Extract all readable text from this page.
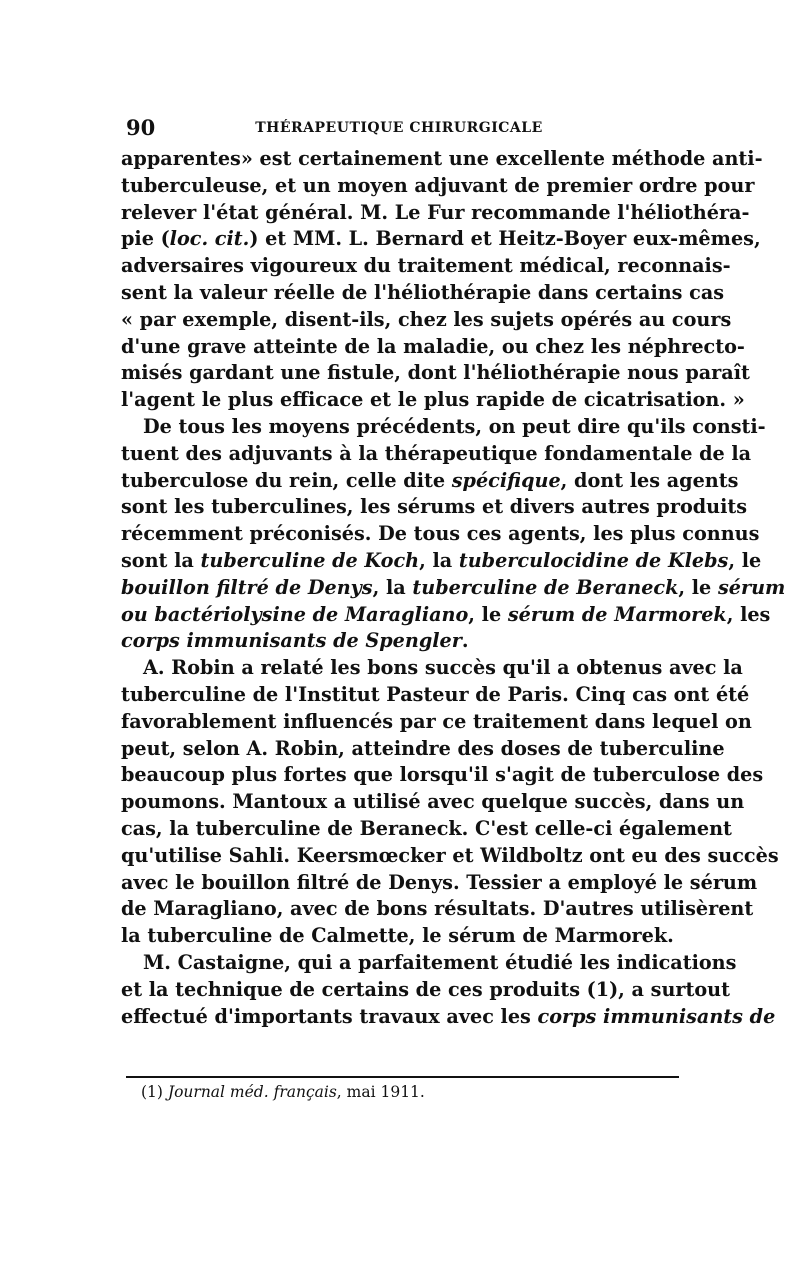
90	THÉRAPEUTIQUE CHIRURGICALE
apparentes» est certainement une excellente méthode anti-
tuberculeuse, et un moyen adjuvant de premier ordre pour
relever l'état général. M. Le Fur recommande l'héliothéra-
pie (loc. cit.) et MM. L. Bernard et Heitz-Boyer eux-mêmes,
adversaires vigoureux du traitement médical, reconnais-
sent la valeur réelle de l'héliothérapie dans certains cas
« par exemple, disent-ils, chez les sujets opérés au cours
d'une grave atteinte de la maladie, ou chez les néphrecto-
misés gardant une fistule, dont l'héliothérapie nous paraît
l'agent le plus efficace et le plus rapide de cicatrisation. »
De tous les moyens précédents, on peut dire qu'ils consti-
tuent des adjuvants à la thérapeutique fondamentale de la
tuberculose du rein, celle dite spécifique, dont les agents
sont les tuberculines, les sérums et divers autres produits
récemment préconisés. De tous ces agents, les plus connus
sont la tuberculine de Koch, la tuberculocidine de Klebs, le
bouillon filtré de Denys, la tuberculine de Beraneck, le sérum
ou bactériolysine de Maragliano, le sérum de Marmorek, les
corps immunisants de Spengler.
A. Robin a relaté les bons succès qu'il a obtenus avec la
tuberculine de l'Institut Pasteur de Paris. Cinq cas ont été
favorablement influencés par ce traitement dans lequel on
peut, selon A. Robin, atteindre des doses de tuberculine
beaucoup plus fortes que lorsqu'il s'agit de tuberculose des
poumons. Mantoux a utilisé avec quelque succès, dans un
cas, la tuberculine de Beraneck. C'est celle-ci également
qu'utilise Sahli. Keersmœcker et Wildboltz ont eu des succès
avec le bouillon filtré de Denys. Tessier a employé le sérum
de Maragliano, avec de bons résultats. D'autres utilisèrent
la tuberculine de Calmette, le sérum de Marmorek.
M. Castaigne, qui a parfaitement étudié les indications
et la technique de certains de ces produits (1), a surtout
effectué d'importants travaux avec les corps immunisants de
(1) Journal méd. français, mai 1911.
